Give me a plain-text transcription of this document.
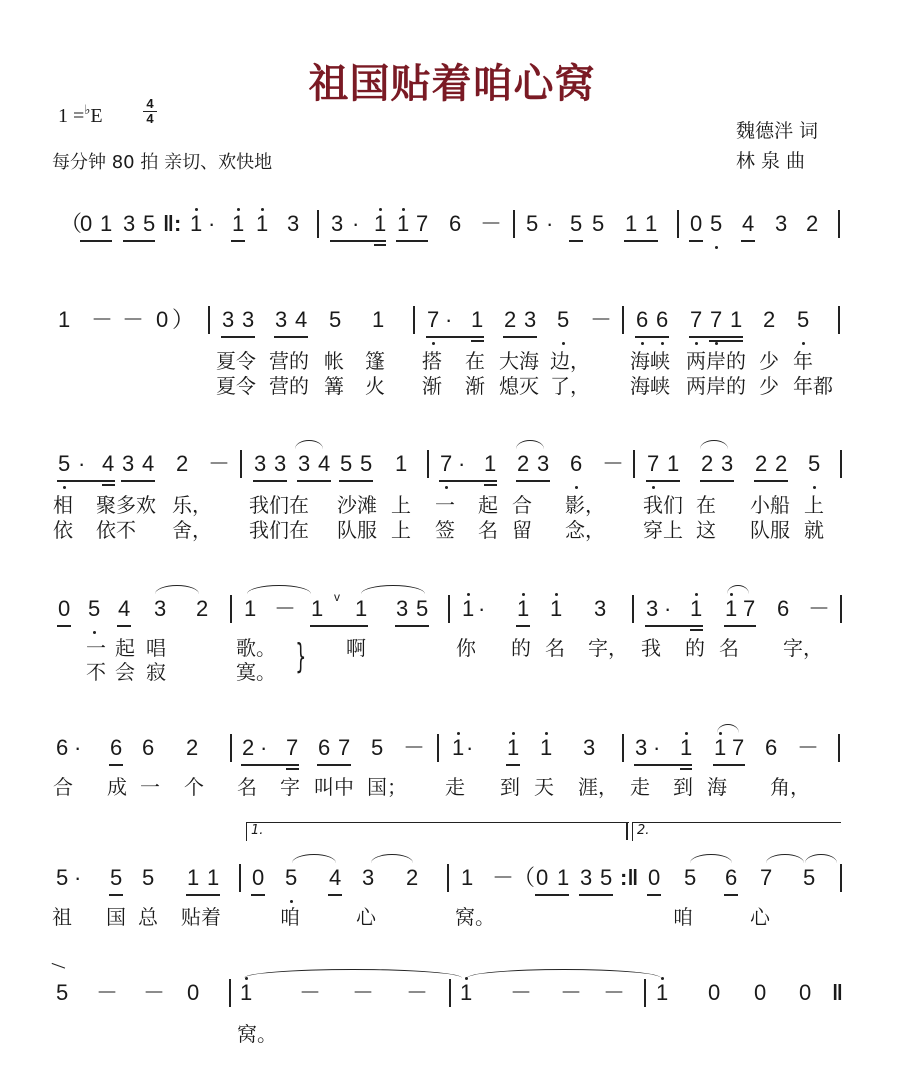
祖国贴着咱心窝
1 =♭E
4
4
每分钟 80 拍 亲切、欢快地
魏德泮 词
林 泉 曲
（
0 1 3 5 ‖: 1 · 1 1 3 3 · 1 1 7 6 － 5 · 5 5 1 1 0 5 4 3 2
1 － － 0 ） 3 3 3 4 5 1 7 · 1 2 3 5 － 6 6 7 7 1 2 5
夏令 营的 帐 篷 搭 在 大海 边， 海峡 两岸的 少 年
夏令 营的 篝 火 渐 渐 熄灭 了， 海峡 两岸的 少 年都
5 · 4 3 4 2 － 3 3 3 4 5 5 1 7 · 1 2 3 6 － 7 1 2 3 2 2 5
相 聚多欢 乐， 我们在 沙滩 上 一 起 合 影， 我们 在 小船 上
依 依不 舍， 我们在 队服 上 签 名 留 念， 穿上 这 队服 就
0 5 4 3 2 1 － 1 v 1 3 5 1 · 1 1 3 3 · 1 1 7 6 －
一 起 唱	歌。 } 啊	你 的 名 字， 我 的 名 字，
不 会 寂	寞。
6 · 6 6 2 2 · 7 6 7 5 － 1 · 1 1 3 3 · 1 1 7 6 －
合 成 一 个 名 字 叫中 国； 走 到 天 涯， 走 到 海 角，
1.	2.
5 · 5 5 1 1 0 5 4 3 2 1 －
（ 0 1 3 5 :‖ 0 5 6 7 5
祖 国 总 贴着	咱	心	窝。	咱	心
5 － － 0 1 － － － 1 － － － 1 0 0 0 ‖
窝。
